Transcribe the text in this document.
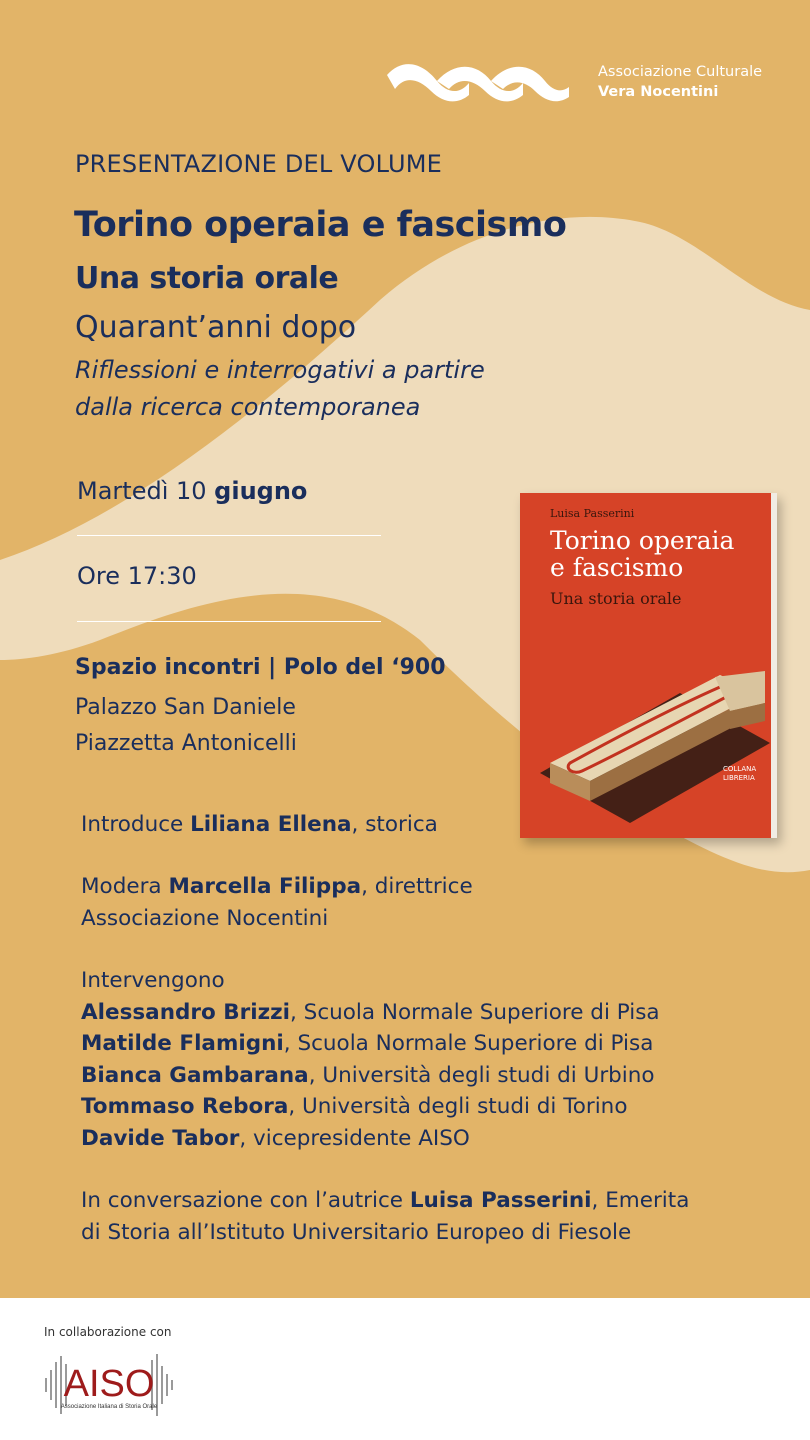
Associazione Culturale
Vera Nocentini
PRESENTAZIONE DEL VOLUME
Torino operaia e fascismo
Una storia orale
Quarant’anni dopo
Riflessioni e interrogativi a partire
dalla ricerca contemporanea
Martedì 10 giugno
Ore 17:30
Spazio incontri | Polo del ‘900
Palazzo San Daniele
Piazzetta Antonicelli
Luisa Passerini
Torino operaia
e fascismo
Una storia orale
COLLANA LIBRERIA
Introduce Liliana Ellena, storica
Modera Marcella Filippa, direttrice
Associazione Nocentini
Intervengono
Alessandro Brizzi, Scuola Normale Superiore di Pisa
Matilde Flamigni, Scuola Normale Superiore di Pisa
Bianca Gambarana, Università degli studi di Urbino
Tommaso Rebora, Università degli studi di Torino
Davide Tabor, vicepresidente AISO
In conversazione con l’autrice Luisa Passerini, Emerita
di Storia all’Istituto Universitario Europeo di Fiesole
In collaborazione con
AISO
Associazione Italiana di Storia Orale
